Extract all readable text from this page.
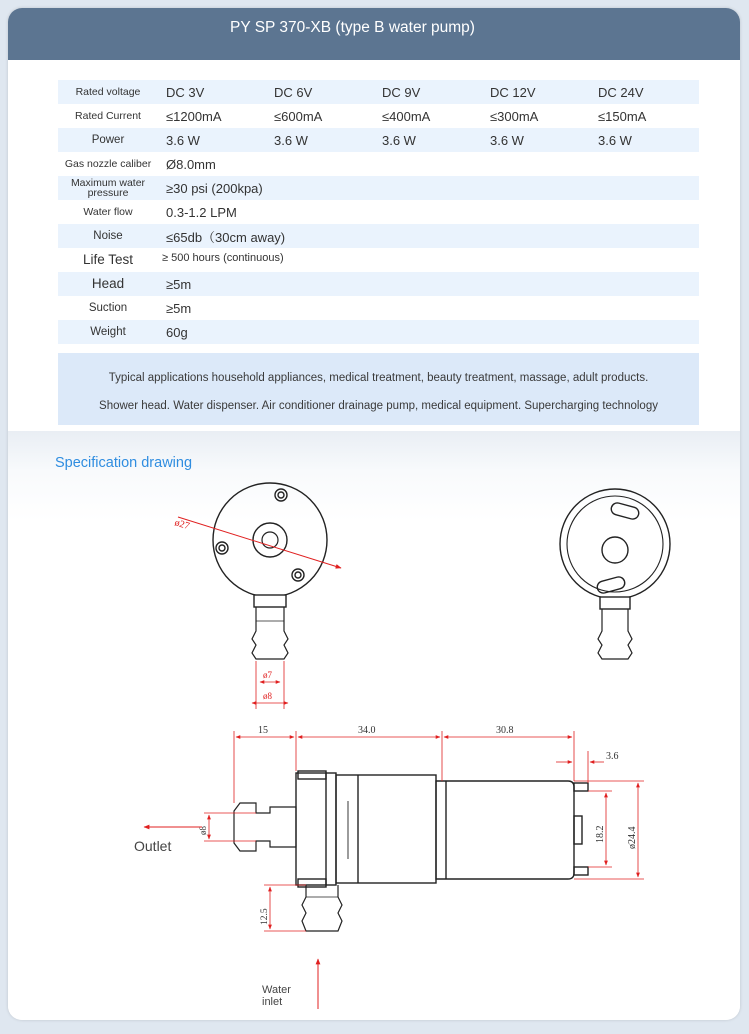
PY SP 370-XB (type B water pump)
Rated voltage	DC 3V	DC 6V	DC 9V	DC 12V	DC 24V
Rated Current	≤1200mA	≤600mA	≤400mA	≤300mA	≤150mA
Power	3.6 W	3.6 W	3.6 W	3.6 W	3.6 W
Gas nozzle caliber	Ø8.0mm
Maximum water pressure	≥30 psi (200kpa)
Water flow	0.3-1.2 LPM
Noise	≤65db（30cm away)
Life Test	≥ 500 hours (continuous)
Head	≥5m
Suction	≥5m
Weight	60g
Typical applications household appliances, medical treatment, beauty treatment, massage, adult products.
Shower head. Water dispenser. Air conditioner drainage pump, medical equipment. Supercharging technology
Specification drawing
ø27
ø7
ø8
15	34.0	30.8
3.6
18.2 ø24.4
ø8
12.5
Outlet
Water
inlet
